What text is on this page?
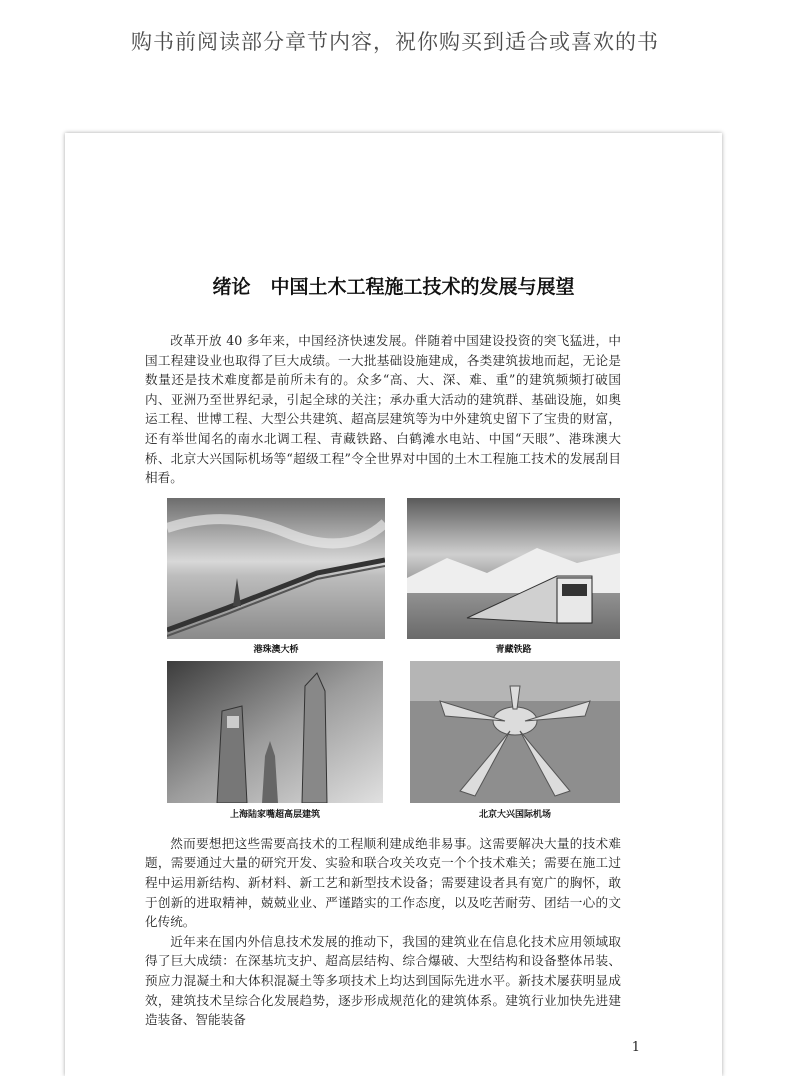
购书前阅读部分章节内容，祝你购买到适合或喜欢的书
绪论 中国土木工程施工技术的发展与展望

改革开放 40 多年来，中国经济快速发展。伴随着中国建设投资的突飞猛进，中国工程建设业也取得了巨大成绩。一大批基础设施建成，各类建筑拔地而起，无论是数量还是技术难度都是前所未有的。众多“高、大、深、难、重”的建筑频频打破国内、亚洲乃至世界纪录，引起全球的关注；承办重大活动的建筑群、基础设施，如奥运工程、世博工程、大型公共建筑、超高层建筑等为中外建筑史留下了宝贵的财富，还有举世闻名的南水北调工程、青藏铁路、白鹤滩水电站、中国“天眼”、港珠澳大桥、北京大兴国际机场等“超级工程”令全世界对中国的土木工程施工技术的发展刮目相看。

港珠澳大桥	青藏铁路
上海陆家嘴超高层建筑	北京大兴国际机场

然而要想把这些需要高技术的工程顺利建成绝非易事。这需要解决大量的技术难题，需要通过大量的研究开发、实验和联合攻关攻克一个个技术难关；需要在施工过程中运用新结构、新材料、新工艺和新型技术设备；需要建设者具有宽广的胸怀，敢于创新的进取精神，兢兢业业、严谨踏实的工作态度，以及吃苦耐劳、团结一心的文化传统。

近年来在国内外信息技术发展的推动下，我国的建筑业在信息化技术应用领域取得了巨大成绩：在深基坑支护、超高层结构、综合爆破、大型结构和设备整体吊装、预应力混凝土和大体积混凝土等多项技术上均达到国际先进水平。新技术屡获明显成效，建筑技术呈综合化发展趋势，逐步形成规范化的建筑体系。建筑行业加快先进建造装备、智能装备

1
